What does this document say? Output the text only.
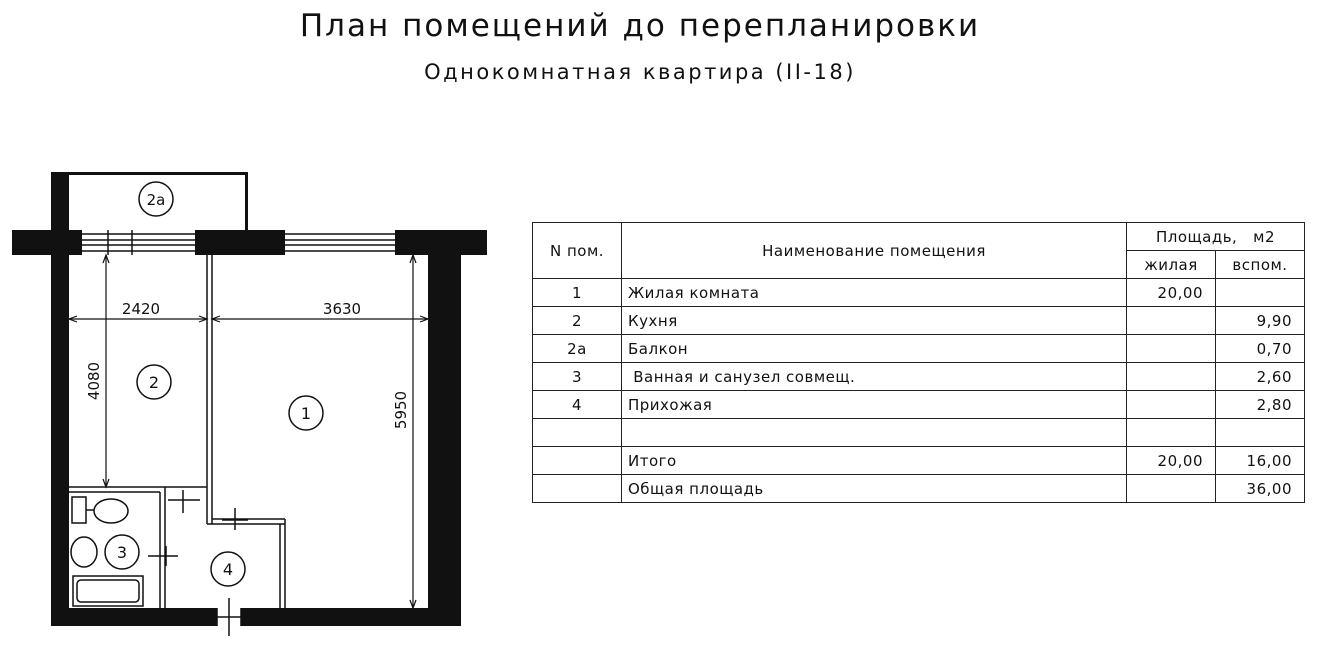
План помещений до перепланировки
Однокомнатная квартира (II-18)
2420	3630
4080
5950
2а
2
1
3
4
N пом.	Наименование помещения	Площадь,   м2	
		жилая	вспом.
1	Жилая комната	20,00	
2	Кухня		9,90
2а	Балкон		0,70
3	Ванная и санузел совмещ.		2,60
4	Прихожая		2,80

	Итого	20,00	16,00
	Общая площадь		36,00
